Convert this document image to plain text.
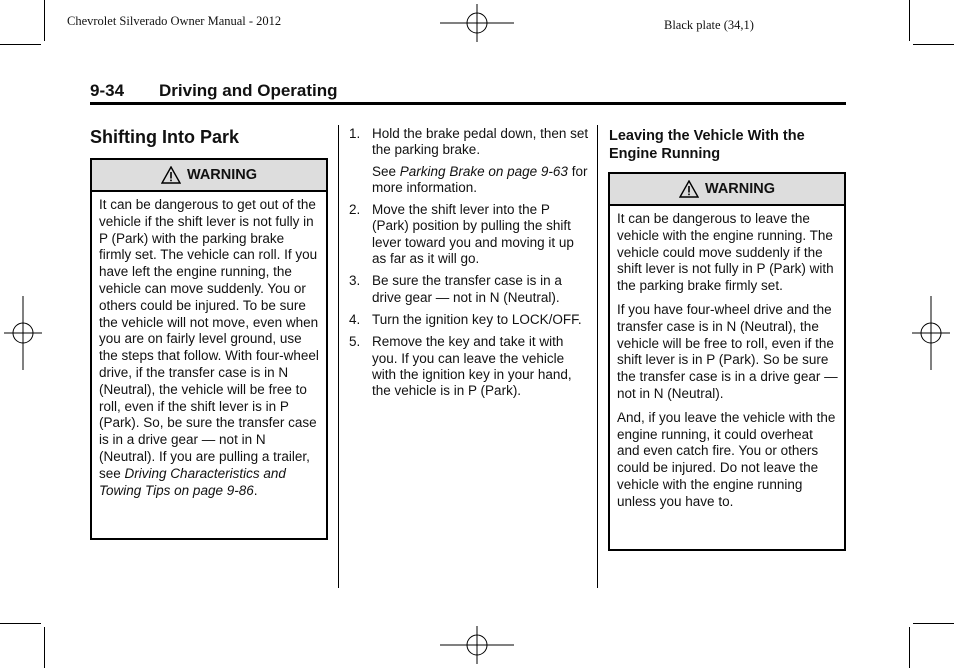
Chevrolet Silverado Owner Manual - 2012	Black plate (34,1)
9-34 Driving and Operating
Shifting Into Park
WARNING

It can be dangerous to get out of the vehicle if the shift lever is not fully in P (Park) with the parking brake firmly set. The vehicle can roll. If you have left the engine running, the vehicle can move suddenly. You or others could be injured. To be sure the vehicle will not move, even when you are on fairly level ground, use the steps that follow. With four-wheel drive, if the transfer case is in N (Neutral), the vehicle will be free to roll, even if the shift lever is in P (Park). So, be sure the transfer case is in a drive gear — not in N (Neutral). If you are pulling a trailer, see Driving Characteristics and Towing Tips on page 9-86.

1. Hold the brake pedal down, then set the parking brake.
See Parking Brake on page 9-63 for more information.
2. Move the shift lever into the P (Park) position by pulling the shift lever toward you and moving it up as far as it will go.
3. Be sure the transfer case is in a drive gear — not in N (Neutral).
4. Turn the ignition key to LOCK/OFF.
5. Remove the key and take it with you. If you can leave the vehicle with the ignition key in your hand, the vehicle is in P (Park).
Leaving the Vehicle With the Engine Running
WARNING

It can be dangerous to leave the vehicle with the engine running. The vehicle could move suddenly if the shift lever is not fully in P (Park) with the parking brake firmly set.

If you have four-wheel drive and the transfer case is in N (Neutral), the vehicle will be free to roll, even if the shift lever is in P (Park). So be sure the transfer case is in a drive gear — not in N (Neutral).

And, if you leave the vehicle with the engine running, it could overheat and even catch fire. You or others could be injured. Do not leave the vehicle with the engine running unless you have to.
